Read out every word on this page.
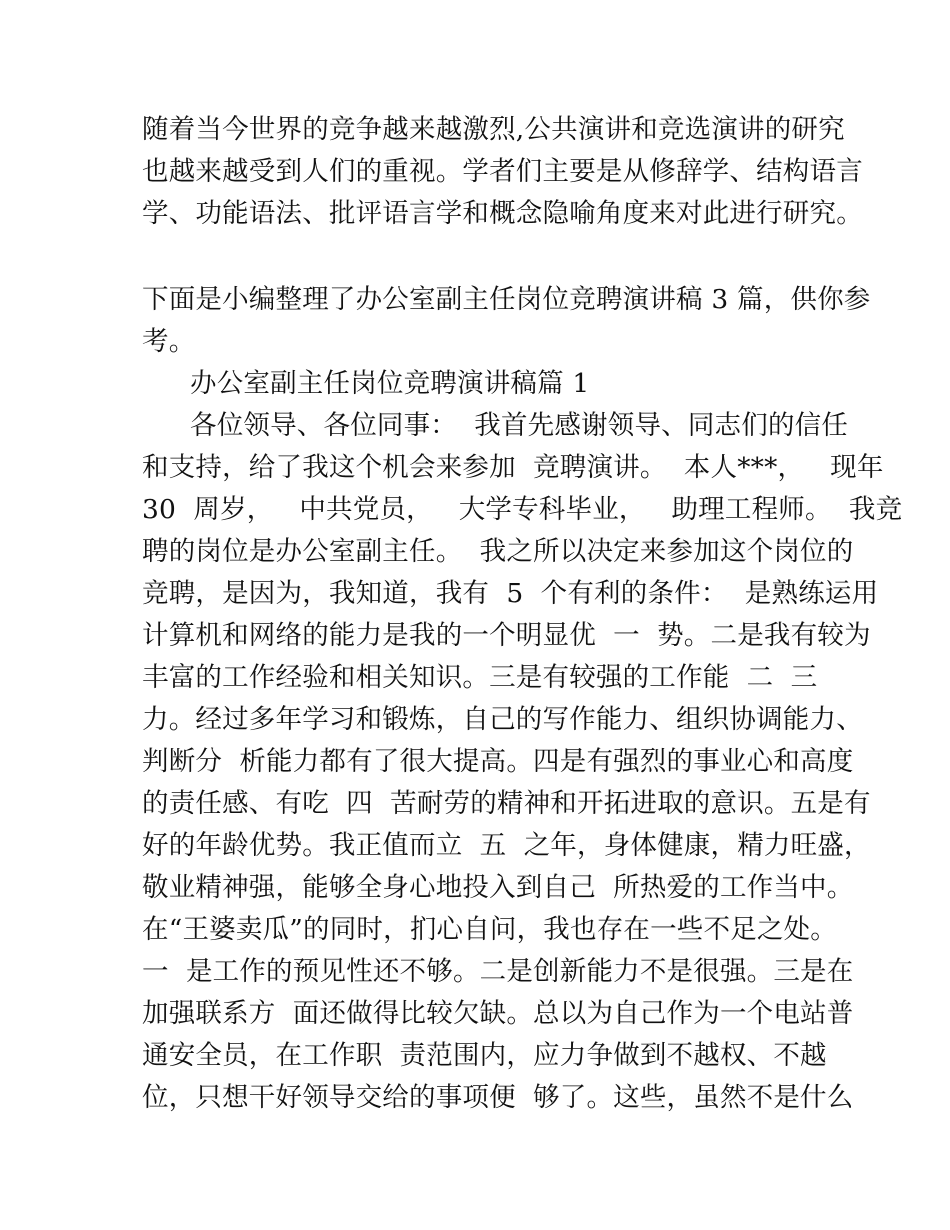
随着当今世界的竞争越来越激烈,公共演讲和竞选演讲的研究
也越来越受到人们的重视。学者们主要是从修辞学、结构语言
学、功能语法、批评语言学和概念隐喻角度来对此进行研究。
下面是小编整理了办公室副主任岗位竞聘演讲稿 3 篇，供你参
考。
办公室副主任岗位竞聘演讲稿篇 1
各位领导、各位同事：  我首先感谢领导、同志们的信任
和支持，给了我这个机会来参加  竞聘演讲。  本人***，   现年
30  周岁，   中共党员，   大学专科毕业，   助理工程师。  我竞
聘的岗位是办公室副主任。  我之所以决定来参加这个岗位的
竞聘，是因为，我知道，我有  5  个有利的条件：  是熟练运用
计算机和网络的能力是我的一个明显优  一  势。二是我有较为
丰富的工作经验和相关知识。三是有较强的工作能  二  三
力。经过多年学习和锻炼，自己的写作能力、组织协调能力、
判断分  析能力都有了很大提高。四是有强烈的事业心和高度
的责任感、有吃  四  苦耐劳的精神和开拓进取的意识。五是有
好的年龄优势。我正值而立  五  之年，身体健康，精力旺盛，
敬业精神强，能够全身心地投入到自己  所热爱的工作当中。
在“王婆卖瓜”的同时，扪心自问，我也存在一些不足之处。
一  是工作的预见性还不够。二是创新能力不是很强。三是在
加强联系方  面还做得比较欠缺。总以为自己作为一个电站普
通安全员，在工作职  责范围内，应力争做到不越权、不越
位，只想干好领导交给的事项便  够了。这些，虽然不是什么
